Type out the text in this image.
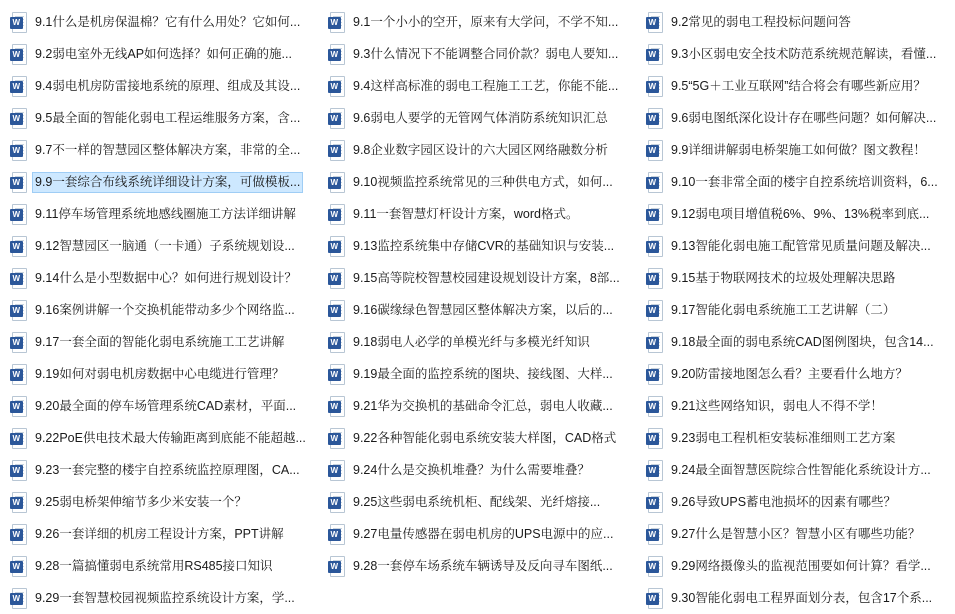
W 9.1什么是机房保温棉？它有什么用处？它如何...
W 9.2弱电室外无线AP如何选择？如何正确的施...
W 9.4弱电机房防雷接地系统的原理、组成及其设...
W 9.5最全面的智能化弱电工程运维服务方案，含...
W 9.7不一样的智慧园区整体解决方案，非常的全...
W 9.9一套综合布线系统详细设计方案，可做模板...
W 9.11停车场管理系统地感线圈施工方法详细讲解
W 9.12智慧园区一脑通（一卡通）子系统规划设...
W 9.14什么是小型数据中心？如何进行规划设计？
W 9.16案例讲解一个交换机能带动多少个网络监...
W 9.17一套全面的智能化弱电系统施工工艺讲解
W 9.19如何对弱电机房数据中心电缆进行管理？
W 9.20最全面的停车场管理系统CAD素材，平面...
W 9.22PoE供电技术最大传输距离到底能不能超越...
W 9.23一套完整的楼宇自控系统监控原理图，CA...
W 9.25弱电桥架伸缩节多少米安装一个？
W 9.26一套详细的机房工程设计方案，PPT讲解
W 9.28一篇搞懂弱电系统常用RS485接口知识
W 9.29一套智慧校园视频监控系统设计方案，学...
W 9.1一个小小的空开，原来有大学问，不学不知...
W 9.3什么情况下不能调整合同价款？弱电人要知...
W 9.4这样高标准的弱电工程施工工艺，你能不能...
W 9.6弱电人要学的无管网气体消防系统知识汇总
W 9.8企业数字园区设计的六大园区网络融数分析
W 9.10视频监控系统常见的三种供电方式，如何...
W 9.11一套智慧灯杆设计方案，word格式。
W 9.13监控系统集中存储CVR的基础知识与安装...
W 9.15高等院校智慧校园建设规划设计方案，8部...
W 9.16碳缘绿色智慧园区整体解决方案，以后的...
W 9.18弱电人必学的单模光纤与多模光纤知识
W 9.19最全面的监控系统的图块、接线图、大样...
W 9.21华为交换机的基础命令汇总，弱电人收藏...
W 9.22各种智能化弱电系统安装大样图，CAD格式
W 9.24什么是交换机堆叠？为什么需要堆叠？
W 9.25这些弱电系统机柜、配线架、光纤熔接...
W 9.27电量传感器在弱电机房的UPS电源中的应...
W 9.28一套停车场系统车辆诱导及反向寻车图纸...
W 9.2常见的弱电工程投标问题问答
W 9.3小区弱电安全技术防范系统规范解读，看懂...
W 9.5“5G＋工业互联网”结合将会有哪些新应用？
W 9.6弱电图纸深化设计存在哪些问题？如何解决...
W 9.9详细讲解弱电桥架施工如何做？图文教程！
W 9.10一套非常全面的楼宇自控系统培训资料，6...
W 9.12弱电项目增值税6%、9%、13%税率到底...
W 9.13智能化弱电施工配管常见质量问题及解决...
W 9.15基于物联网技术的垃圾处理解决思路
W 9.17智能化弱电系统施工工艺讲解（二）
W 9.18最全面的弱电系统CAD图例图块，包含14...
W 9.20防雷接地图怎么看？主要看什么地方？
W 9.21这些网络知识，弱电人不得不学！
W 9.23弱电工程机柜安装标准细则工艺方案
W 9.24最全面智慧医院综合性智能化系统设计方...
W 9.26导致UPS蓄电池损坏的因素有哪些？
W 9.27什么是智慧小区？智慧小区有哪些功能？
W 9.29网络摄像头的监视范围要如何计算？看学...
W 9.30智能化弱电工程界面划分表，包含17个系...
